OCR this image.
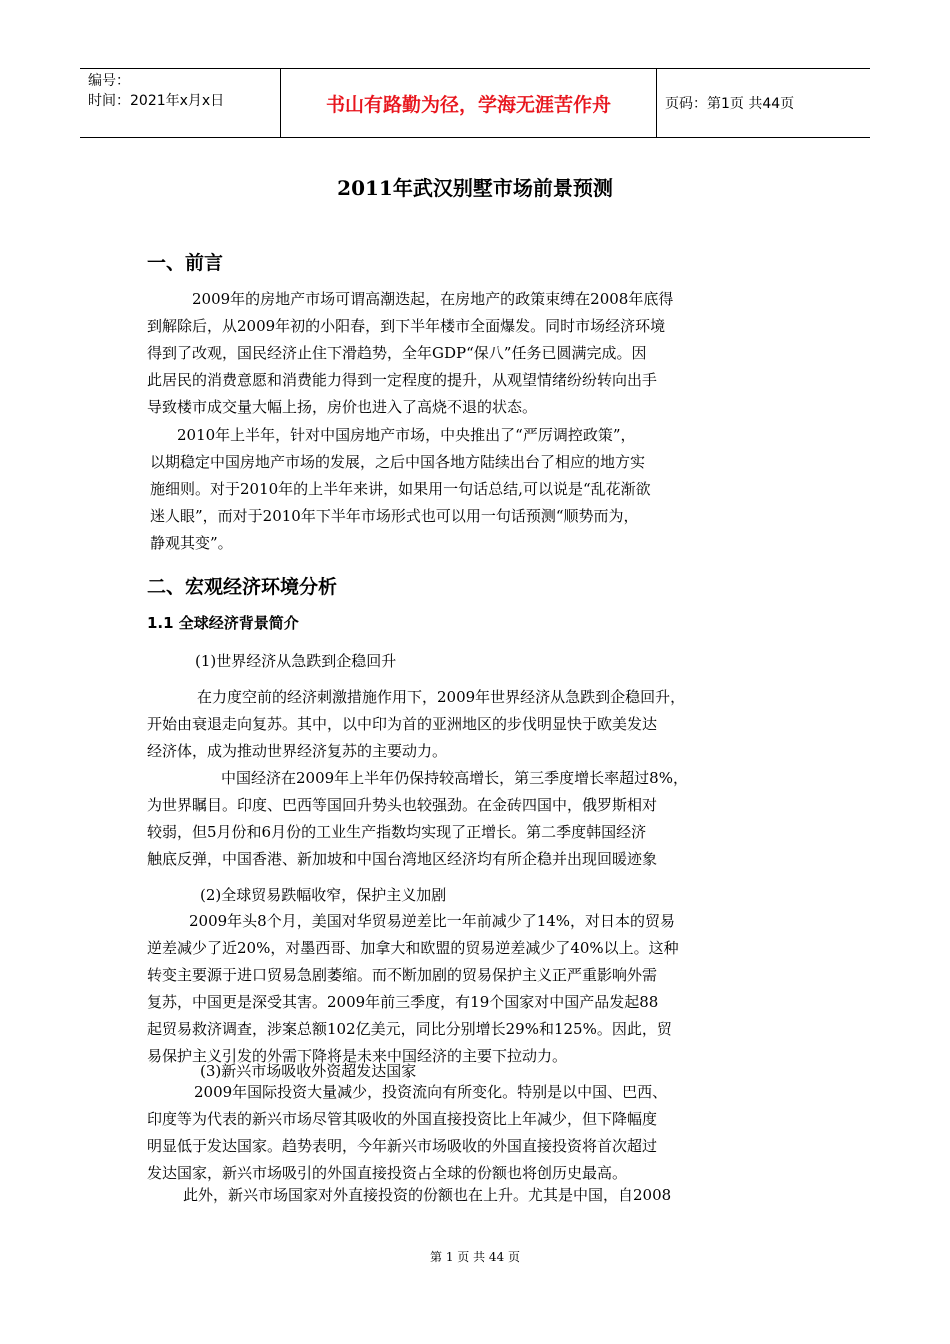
编号：
时间：2021年x月x日	书山有路勤为径，学海无涯苦作舟	页码：第1页 共44页
2011年武汉别墅市场前景预测
一、前言
2009年的房地产市场可谓高潮迭起，在房地产的政策束缚在2008年底得
到解除后，从2009年初的小阳春，到下半年楼市全面爆发。同时市场经济环境
得到了改观，国民经济止住下滑趋势，全年GDP“保八”任务已圆满完成。因
此居民的消费意愿和消费能力得到一定程度的提升，从观望情绪纷纷转向出手
导致楼市成交量大幅上扬，房价也进入了高烧不退的状态。
2010年上半年，针对中国房地产市场，中央推出了“严厉调控政策”，
以期稳定中国房地产市场的发展，之后中国各地方陆续出台了相应的地方实
施细则。对于2010年的上半年来讲，如果用一句话总结,可以说是“乱花渐欲
迷人眼”，而对于2010年下半年市场形式也可以用一句话预测“顺势而为，
静观其变”。
二、宏观经济环境分析
1.1 全球经济背景简介
(1)世界经济从急跌到企稳回升
在力度空前的经济刺激措施作用下，2009年世界经济从急跌到企稳回升，
开始由衰退走向复苏。其中，以中印为首的亚洲地区的步伐明显快于欧美发达
经济体，成为推动世界经济复苏的主要动力。
中国经济在2009年上半年仍保持较高增长，第三季度增长率超过8%，
为世界瞩目。印度、巴西等国回升势头也较强劲。在金砖四国中，俄罗斯相对
较弱，但5月份和6月份的工业生产指数均实现了正增长。第二季度韩国经济
触底反弹，中国香港、新加坡和中国台湾地区经济均有所企稳并出现回暖迹象
(2)全球贸易跌幅收窄，保护主义加剧
2009年头8个月，美国对华贸易逆差比一年前减少了14%，对日本的贸易
逆差减少了近20%，对墨西哥、加拿大和欧盟的贸易逆差减少了40%以上。这种
转变主要源于进口贸易急剧萎缩。而不断加剧的贸易保护主义正严重影响外需
复苏，中国更是深受其害。2009年前三季度，有19个国家对中国产品发起88
起贸易救济调查，涉案总额102亿美元，同比分别增长29%和125%。因此，贸
易保护主义引发的外需下降将是未来中国经济的主要下拉动力。
(3)新兴市场吸收外资超发达国家
2009年国际投资大量减少，投资流向有所变化。特别是以中国、巴西、
印度等为代表的新兴市场尽管其吸收的外国直接投资比上年减少，但下降幅度
明显低于发达国家。趋势表明，今年新兴市场吸收的外国直接投资将首次超过
发达国家，新兴市场吸引的外国直接投资占全球的份额也将创历史最高。
此外，新兴市场国家对外直接投资的份额也在上升。尤其是中国，自2008
第 1 页 共 44 页
